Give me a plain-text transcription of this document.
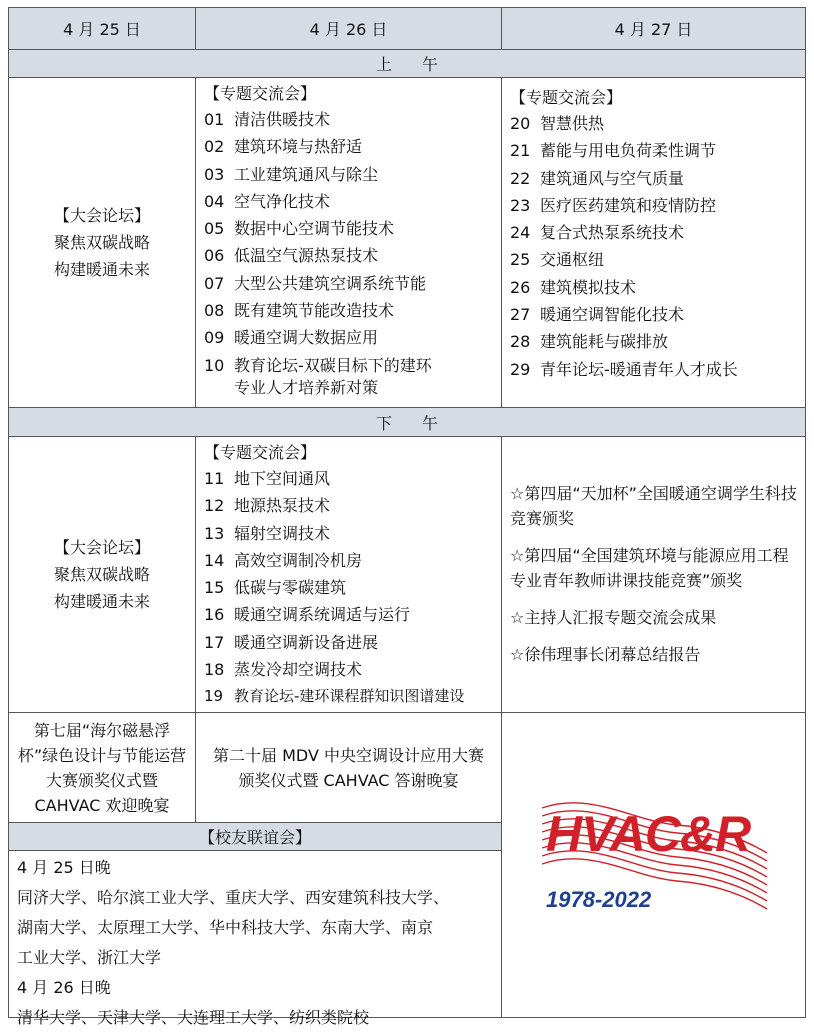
4 月 25 日	4 月 26 日	4 月 27 日
上午
【大会论坛】
聚焦双碳战略
构建暖通未来
【专题交流会】
01 清洁供暖技术
02 建筑环境与热舒适
03 工业建筑通风与除尘
04 空气净化技术
05 数据中心空调节能技术
06 低温空气源热泵技术
07 大型公共建筑空调系统节能
08 既有建筑节能改造技术
09 暖通空调大数据应用
10 教育论坛-双碳目标下的建环
专业人才培养新对策
【专题交流会】
20 智慧供热
21 蓄能与用电负荷柔性调节
22 建筑通风与空气质量
23 医疗医药建筑和疫情防控
24 复合式热泵系统技术
25 交通枢纽
26 建筑模拟技术
27 暖通空调智能化技术
28 建筑能耗与碳排放
29 青年论坛-暖通青年人才成长
下午
【大会论坛】
聚焦双碳战略
构建暖通未来
【专题交流会】
11 地下空间通风
12 地源热泵技术
13 辐射空调技术
14 高效空调制冷机房
15 低碳与零碳建筑
16 暖通空调系统调适与运行
17 暖通空调新设备进展
18 蒸发冷却空调技术
19 教育论坛-建环课程群知识图谱建设
☆第四届“天加杯”全国暖通空调学生科技竞赛颁奖
☆第四届“全国建筑环境与能源应用工程专业青年教师讲课技能竞赛”颁奖
☆主持人汇报专题交流会成果
☆徐伟理事长闭幕总结报告
第七届“海尔磁悬浮杯”绿色设计与节能运营大赛颁奖仪式暨CAHVAC 欢迎晚宴
第二十届 MDV 中央空调设计应用大赛颁奖仪式暨 CAHVAC 答谢晚宴
【校友联谊会】
4 月 25 日晚
同济大学、哈尔滨工业大学、重庆大学、西安建筑科技大学、
湖南大学、太原理工大学、华中科技大学、东南大学、南京
工业大学、浙江大学
4 月 26 日晚
清华大学、天津大学、大连理工大学、纺织类院校
HVAC&R
1978-2022
